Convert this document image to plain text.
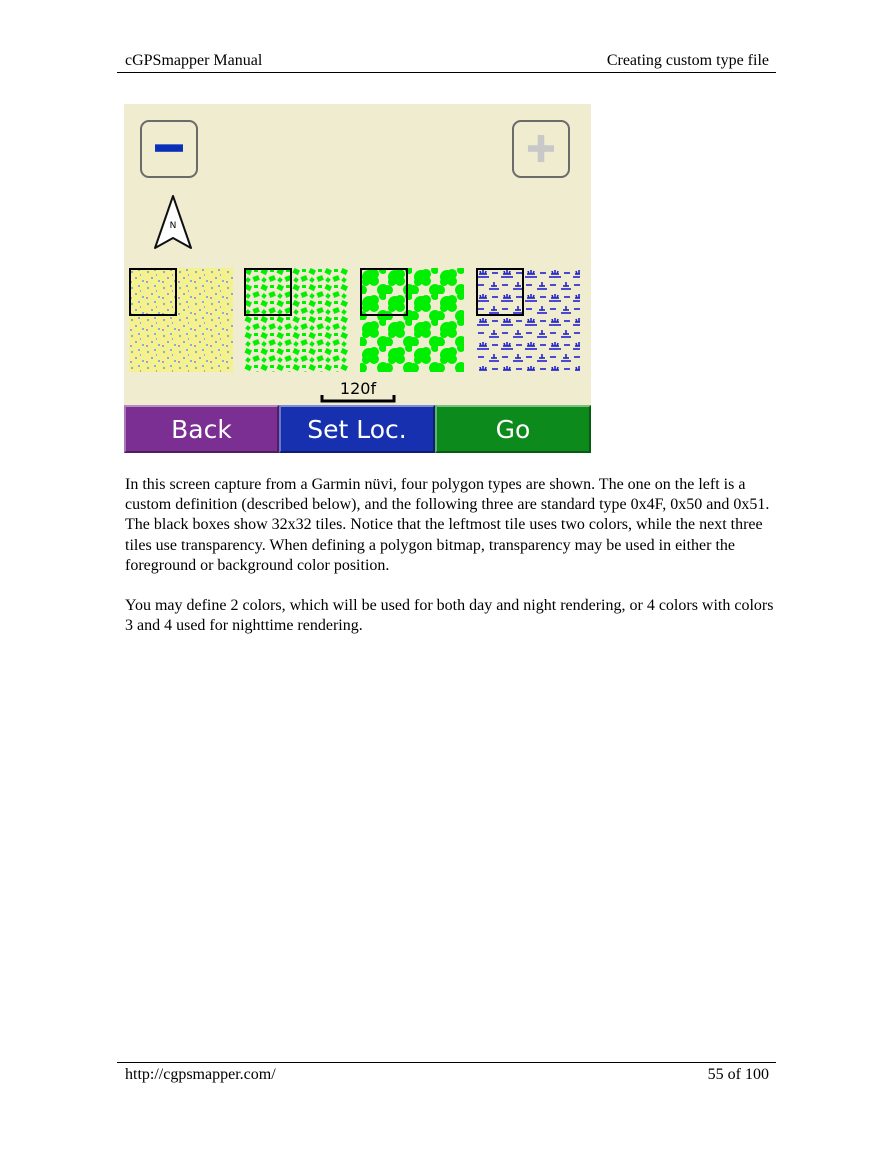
cGPSmapper Manual	Creating custom type file
N
120f
Back	Set Loc.	Go

In this screen capture from a Garmin nüvi, four polygon types are shown. The one on the left is a custom definition (described below), and the following three are standard type 0x4F, 0x50 and 0x51. The black boxes show 32x32 tiles. Notice that the leftmost tile uses two colors, while the next three tiles use transparency. When defining a polygon bitmap, transparency may be used in either the foreground or background color position.

You may define 2 colors, which will be used for both day and night rendering, or 4 colors with colors 3 and 4 used for nighttime rendering.

http://cgpsmapper.com/	55 of 100
